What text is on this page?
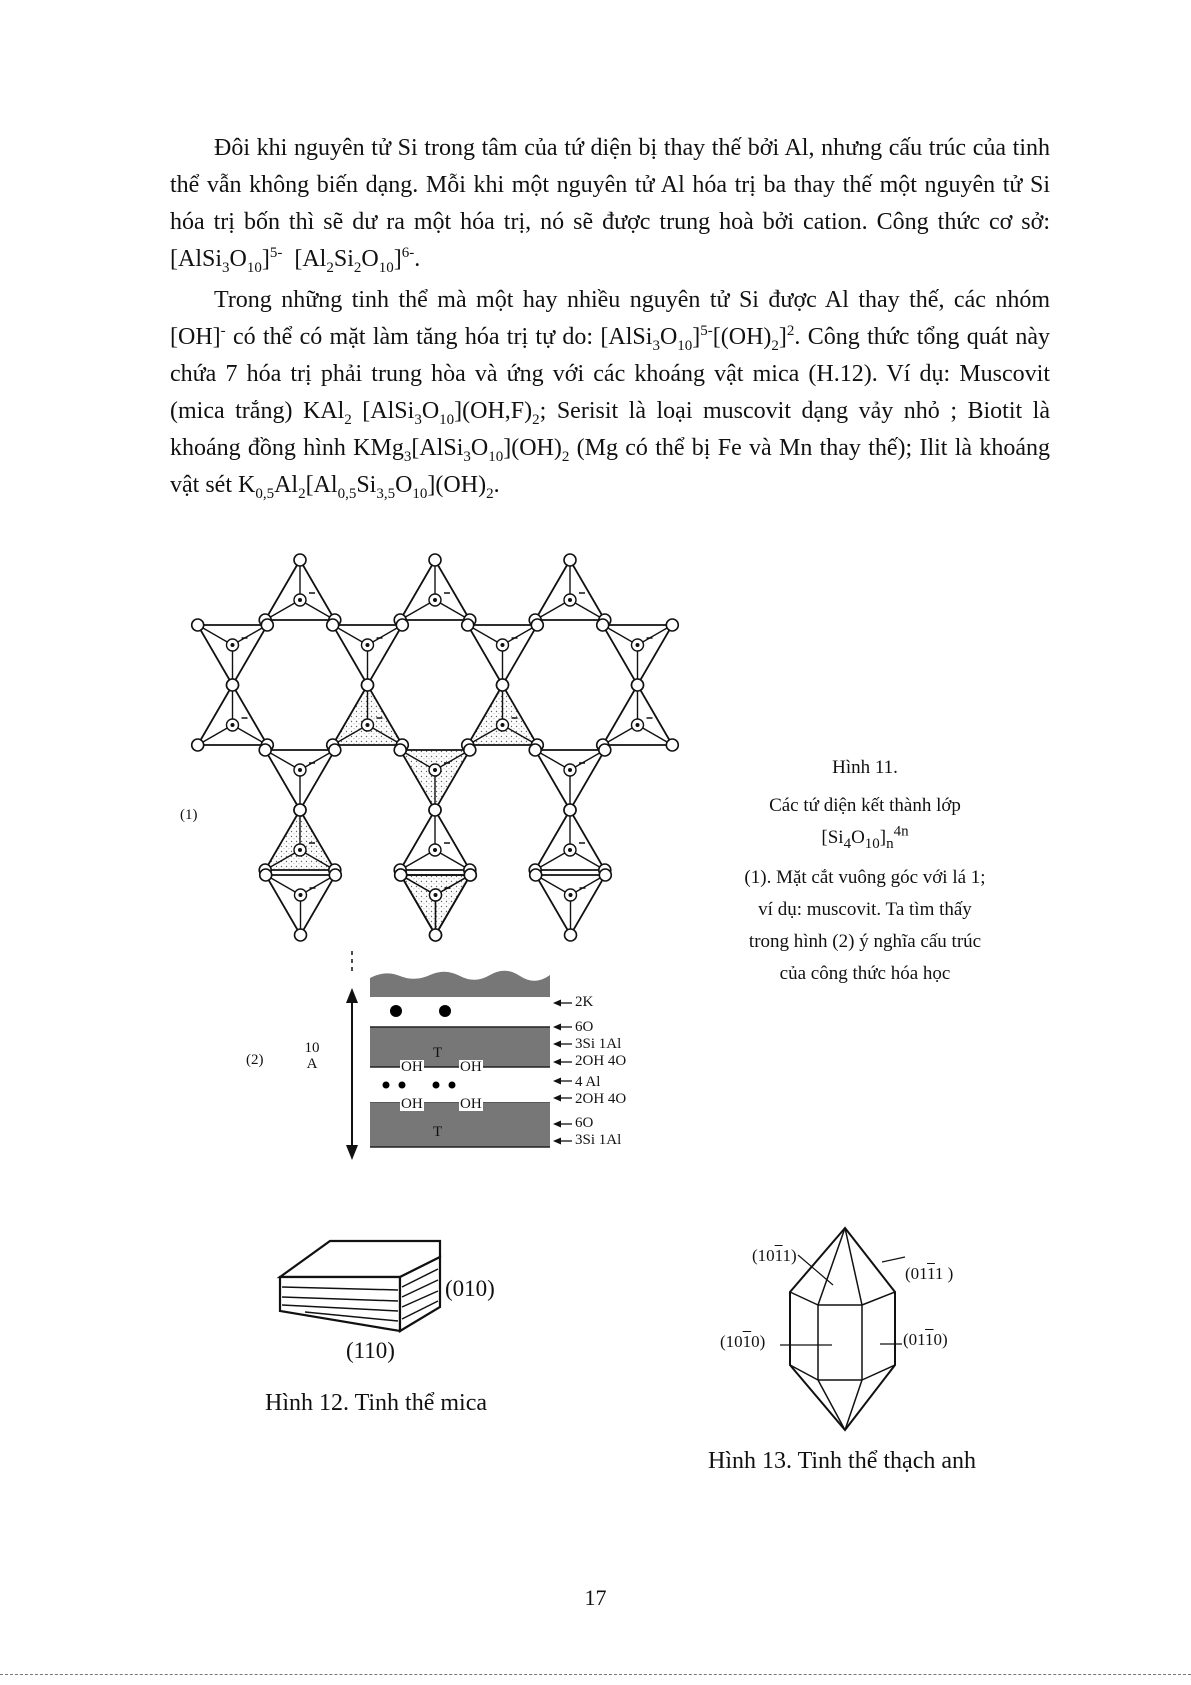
Đôi khi nguyên tử Si trong tâm của tứ diện bị thay thế bởi Al, nhưng cấu trúc của tinh thể vẫn không biến dạng. Mỗi khi một nguyên tử Al hóa trị ba thay thế một nguyên tử Si hóa trị bốn thì sẽ dư ra một hóa trị, nó sẽ được trung hoà bởi cation. Công thức cơ sở: $[AlSi_3O_{10}]^{5-}$  $[Al_2Si_2O_{10}]^{6-}$.

Trong những tinh thể mà một hay nhiều nguyên tử Si được Al thay thế, các nhóm [OH]- có thể có mặt làm tăng hóa trị tự do: $[AlSi_3O_{10}]^{5-}[(OH)_2]^2$. Công thức tổng quát này chứa 7 hóa trị phải trung hòa và ứng với các khoáng vật mica (H.12). Ví dụ: Muscovit (mica trắng) KAl$_2$ $[AlSi_3O_{10}](OH,F)_2$; Serisit là loại muscovit dạng vảy nhỏ ; Biotit là khoáng đồng hình $KMg_3[AlSi_3O_{10}](OH)_2$ (Mg có thể bị Fe và Mn thay thế); Ilit là khoáng vật sét $K_{0,5}Al_2[Al_{0,5}Si_{3,5}O_{10}](OH)_2$.

(1)
Hình 11.
Các tứ diện kết thành lớp
$[Si_4O_{10}]_n^{4n}$
(1). Mặt cắt vuông góc với lá 1; ví dụ: muscovit. Ta tìm thấy trong hình (2) ý nghĩa cấu trúc của công thức hóa học
(2)
10
A
T
OH OH
OH OH
T
2K
6O
3Si 1Al
2OH 4O
4 Al
2OH 4O
6O
3Si 1Al
(010)
(110)
Hình 12. Tinh thể mica
(1011)
(0111 )
(1010)	(0110)
Hình 13. Tinh thể thạch anh
17
